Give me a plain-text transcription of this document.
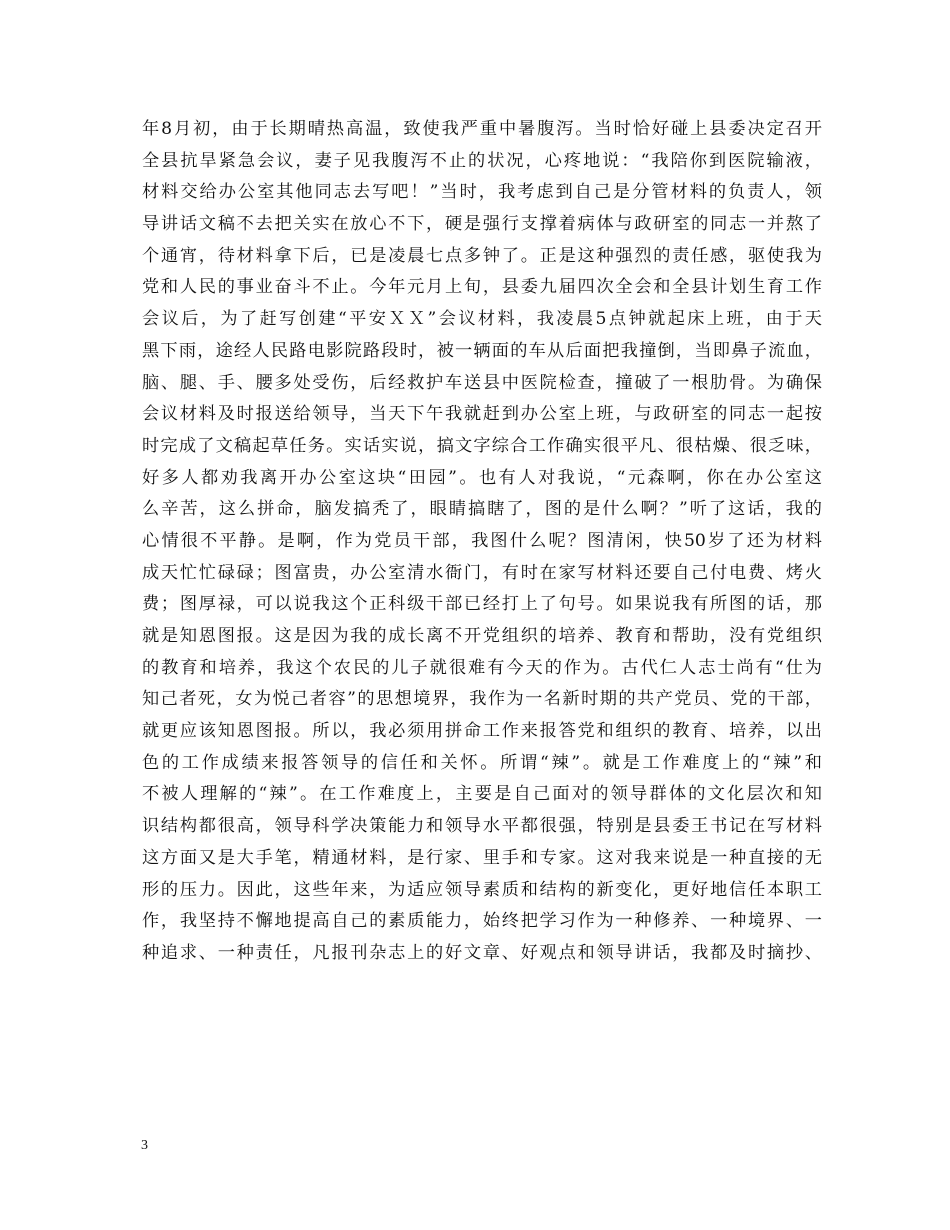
年8月初，由于长期晴热高温，致使我严重中暑腹泻。当时恰好碰上县委决定召开
全县抗旱紧急会议，妻子见我腹泻不止的状况，心疼地说：“我陪你到医院输液，
材料交给办公室其他同志去写吧！”当时，我考虑到自己是分管材料的负责人，领
导讲话文稿不去把关实在放心不下，硬是强行支撑着病体与政研室的同志一并熬了
个通宵，待材料拿下后，已是凌晨七点多钟了。正是这种强烈的责任感，驱使我为
党和人民的事业奋斗不止。今年元月上旬，县委九届四次全会和全县计划生育工作
会议后，为了赶写创建“平安ＸＸ”会议材料，我凌晨5点钟就起床上班，由于天
黑下雨，途经人民路电影院路段时，被一辆面的车从后面把我撞倒，当即鼻子流血，
脑、腿、手、腰多处受伤，后经救护车送县中医院检查，撞破了一根肋骨。为确保
会议材料及时报送给领导，当天下午我就赶到办公室上班，与政研室的同志一起按
时完成了文稿起草任务。实话实说，搞文字综合工作确实很平凡、很枯燥、很乏味，
好多人都劝我离开办公室这块“田园”。也有人对我说，“元森啊，你在办公室这
么辛苦，这么拼命，脑发搞秃了，眼睛搞瞎了，图的是什么啊？”听了这话，我的
心情很不平静。是啊，作为党员干部，我图什么呢？图清闲，快50岁了还为材料
成天忙忙碌碌；图富贵，办公室清水衙门，有时在家写材料还要自己付电费、烤火
费；图厚禄，可以说我这个正科级干部已经打上了句号。如果说我有所图的话，那
就是知恩图报。这是因为我的成长离不开党组织的培养、教育和帮助，没有党组织
的教育和培养，我这个农民的儿子就很难有今天的作为。古代仁人志士尚有“仕为
知己者死，女为悦己者容”的思想境界，我作为一名新时期的共产党员、党的干部，
就更应该知恩图报。所以，我必须用拼命工作来报答党和组织的教育、培养，以出
色的工作成绩来报答领导的信任和关怀。所谓“辣”。就是工作难度上的“辣”和
不被人理解的“辣”。在工作难度上，主要是自己面对的领导群体的文化层次和知
识结构都很高，领导科学决策能力和领导水平都很强，特别是县委王书记在写材料
这方面又是大手笔，精通材料，是行家、里手和专家。这对我来说是一种直接的无
形的压力。因此，这些年来，为适应领导素质和结构的新变化，更好地信任本职工
作，我坚持不懈地提高自己的素质能力，始终把学习作为一种修养、一种境界、一
种追求、一种责任，凡报刊杂志上的好文章、好观点和领导讲话，我都及时摘抄、
3
